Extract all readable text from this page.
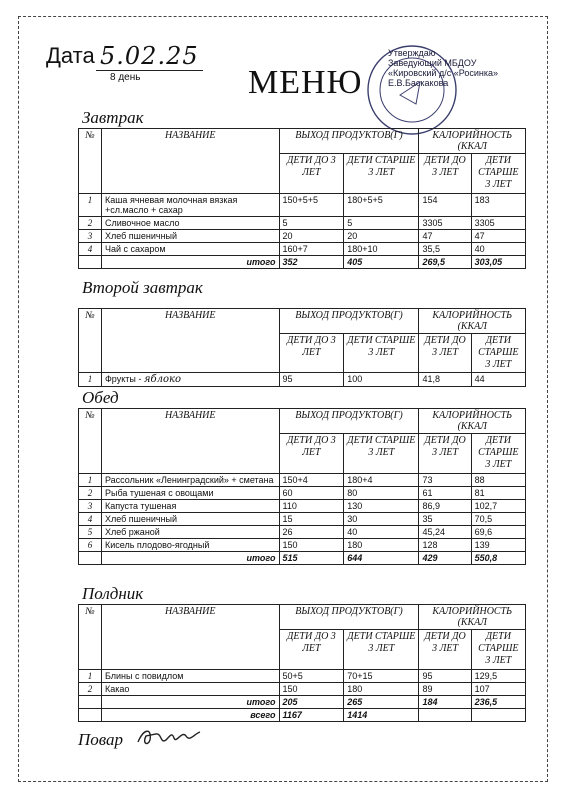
Дата 5.02.25
8 день	МЕНЮ
Утверждаю
Заведующий МБДОУ
«Кировский д/с «Росинка»
Е.В.Баскакова
Завтрак
№	НАЗВАНИЕ	ВЫХОД ПРОДУКТОВ(Г)		КАЛОРИЙНОСТЬ (ККАЛ	
		ДЕТИ ДО 3 ЛЕТ	ДЕТИ СТАРШЕ 3 ЛЕТ	ДЕТИ ДО 3 ЛЕТ	ДЕТИ СТАРШЕ 3 ЛЕТ
1	Каша ячневая молочная вязкая +сл.масло + сахар	150+5+5	180+5+5	154	183
2	Сливочное масло	5	5	3305	3305
3	Хлеб пшеничный	20	20	47	47
4	Чай с сахаром	160+7	180+10	35,5	40
	итого	352	405	269,5	303,05
Второй завтрак
№	НАЗВАНИЕ	ВЫХОД ПРОДУКТОВ(Г)		КАЛОРИЙНОСТЬ (ККАЛ	
		ДЕТИ ДО 3 ЛЕТ	ДЕТИ СТАРШЕ 3 ЛЕТ	ДЕТИ ДО 3 ЛЕТ	ДЕТИ СТАРШЕ 3 ЛЕТ
1	Фрукты - яблоко	95	100	41,8	44
Обед
№	НАЗВАНИЕ	ВЫХОД ПРОДУКТОВ(Г)		КАЛОРИЙНОСТЬ (ККАЛ	
		ДЕТИ ДО 3 ЛЕТ	ДЕТИ СТАРШЕ 3 ЛЕТ	ДЕТИ ДО 3 ЛЕТ	ДЕТИ СТАРШЕ 3 ЛЕТ
1	Рассольник «Ленинградский» + сметана	150+4	180+4	73	88
2	Рыба тушеная с овощами	60	80	61	81
3	Капуста тушеная	110	130	86,9	102,7
4	Хлеб пшеничный	15	30	35	70,5
5	Хлеб ржаной	26	40	45,24	69,6
6	Кисель плодово-ягодный	150	180	128	139
	итого	515	644	429	550,8
Полдник
№	НАЗВАНИЕ	ВЫХОД ПРОДУКТОВ(Г)		КАЛОРИЙНОСТЬ (ККАЛ	
		ДЕТИ ДО 3 ЛЕТ	ДЕТИ СТАРШЕ 3 ЛЕТ	ДЕТИ ДО 3 ЛЕТ	ДЕТИ СТАРШЕ 3 ЛЕТ
1	Блины с повидлом	50+5	70+15	95	129,5
2	Какао	150	180	89	107
	итого	205	265	184	236,5
	всего	1167	1414		
Повар
